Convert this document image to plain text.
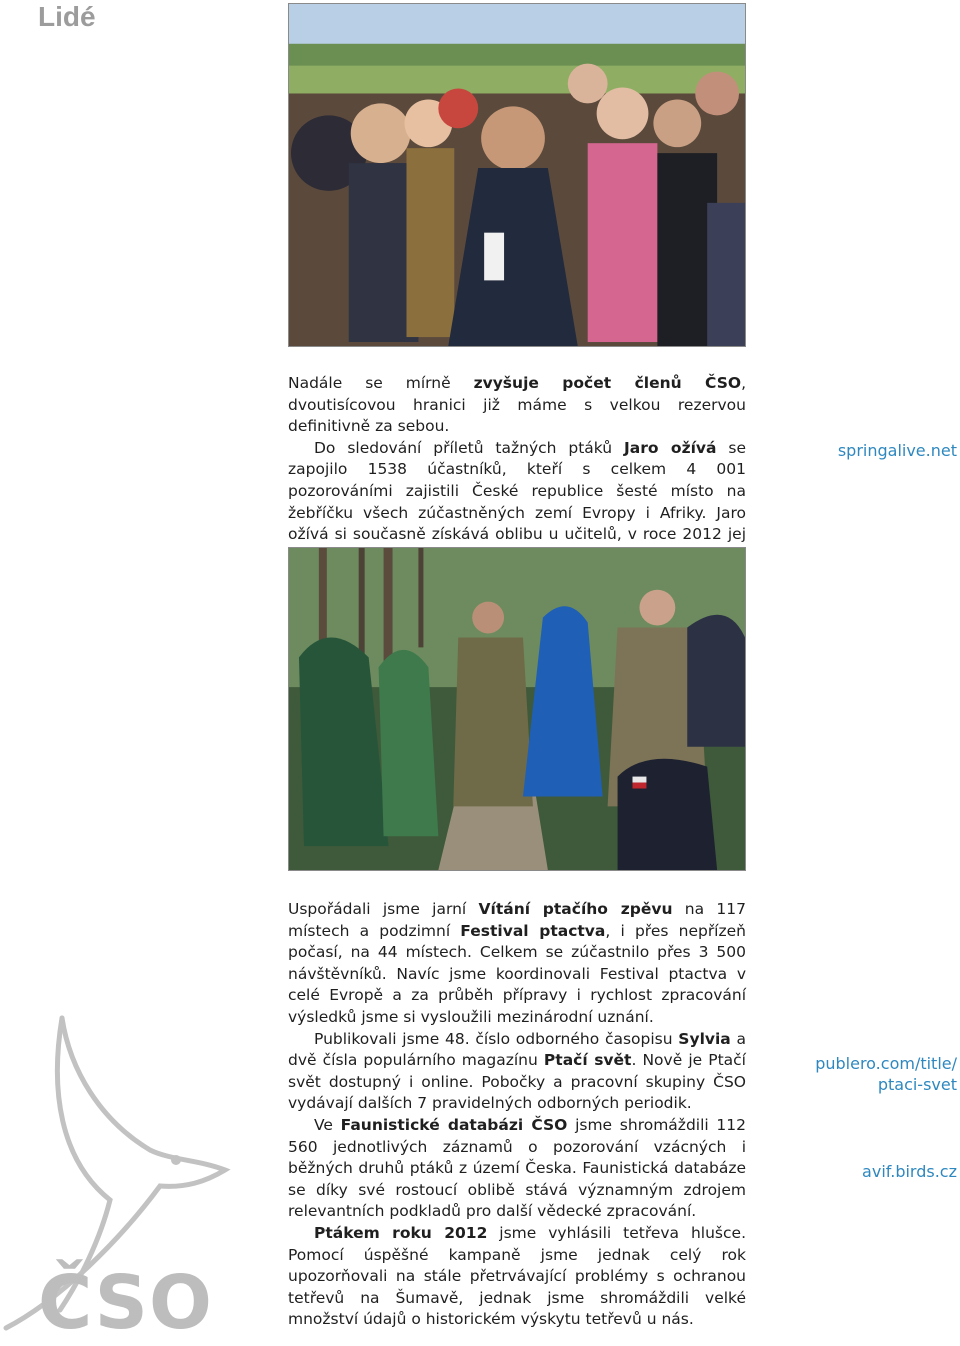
Lidé

Nadále se mírně zvyšuje počet členů ČSO, dvoutisícovou hranici již máme s velkou rezervou definitivně za sebou.

Do sledování příletů tažných ptáků Jaro ožívá se zapojilo 1538 účastníků, kteří s celkem 4 001 pozorováními zajistili České republice šesté místo na žebříčku všech zúčastněných zemí Evropy i Afriky. Jaro ožívá si současně získává oblibu u učitelů, v roce 2012 jej

springalive.net

Uspořádali jsme jarní Vítání ptačího zpěvu na 117 místech a podzimní Festival ptactva, i přes nepřízeň počasí, na 44 místech. Celkem se zúčastnilo přes 3 500 návštěvníků. Navíc jsme koordinovali Festival ptactva v celé Evropě a za průběh přípravy i rychlost zpracování výsledků jsme si vysloužili mezinárodní uznání.

Publikovali jsme 48. číslo odborného časopisu Sylvia a dvě čísla populárního magazínu Ptačí svět. Nově je Ptačí svět dostupný i online. Pobočky a pracovní skupiny ČSO vydávají dalších 7 pravidelných odborných periodik.

Ve Faunistické databázi ČSO jsme shromáždili 112 560 jednotlivých záznamů o pozorování vzácných i běžných druhů ptáků z území Česka. Faunistická databáze se díky své rostoucí oblibě stává významným zdrojem relevantních podkladů pro další vědecké zpracování.

Ptákem roku 2012 jsme vyhlásili tetřeva hlušce. Pomocí úspěšné kampaně jsme jednak celý rok upozorňovali na stále přetrvávající problémy s ochranou tetřevů na Šumavě, jednak jsme shromáždili velké množství údajů o historickém výskytu tetřevů u nás.

publero.com/title/
ptaci-svet
avif.birds.cz
ČSO
